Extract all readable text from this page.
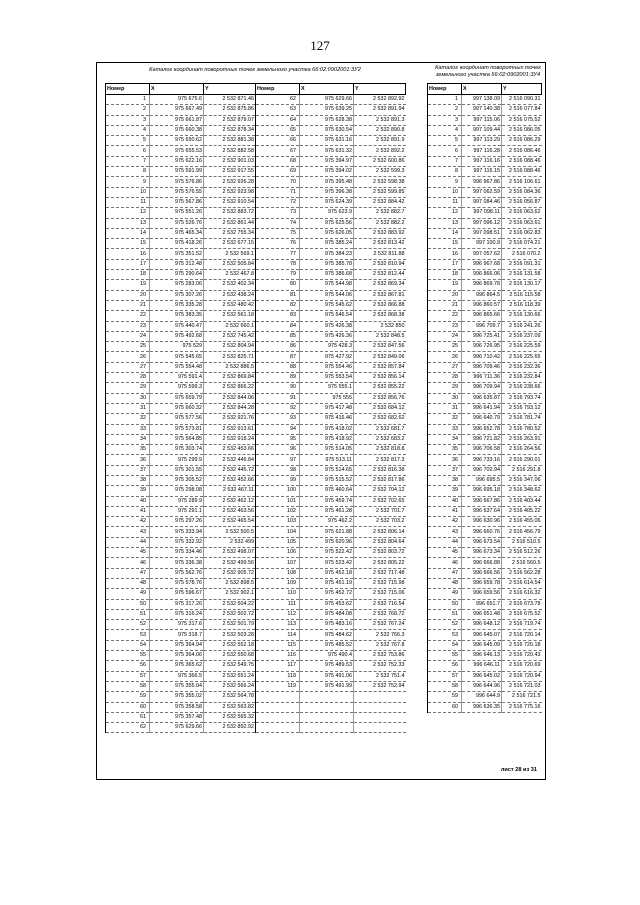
127
Каталог координат поворотных точек земельного участка 66:02:0902001:3У2
Номер	X	Y	Номер	X	Y
1	975 675.6	2 532 871.46	62	975 629.66	2 532 892.92
2	975 667.49	2 532 875.86	63	975 639.25	2 532 891.94
3	975 661.87	2 532 879.07	64	975 628.38	2 532 891.3
4	975 660.38	2 532 878.34	65	975 630.54	2 532 890.8
5	975 650.62	2 532 881.38	66	975 631.16	2 532 891.9
6	975 655.53	2 532 882.58	67	975 631.32	2 532 892.2
7	975 622.16	2 532 901.03	68	975 394.97	2 532 600.86
8	975 591.99	2 532 917.55	69	975 394.02	2 532 599.3
9	975 576.86	2 532 926.28	70	975 395.48	2 532 598.38
10	975 576.55	2 532 923.98	71	975 396.38	2 532 599.85
11	975 567.86	2 532 910.54	72	975 624.39	2 532 884.42
12	975 551.26	2 532 883.72	73	975 623.9	2 532 882.7
13	975 526.76	2 532 861.44	74	975 625.56	2 532 882.2
14	975 465.34	2 532 755.34	75	975 626.05	2 532 883.92
15	975 418.26	2 532 677.15	76	975 385.24	2 532 813.42
16	975 351.52	2 532 569.1	77	975 384.23	2 532 811.88
17	975 312.48	2 532 505.84	78	975 385.78	2 532 810.94
18	975 290.64	2 532 467.8	79	975 386.68	2 532 812.44
19	975 283.06	2 532 402.34	80	975 544.98	2 532 869.34
20	975 307.26	2 532 438.24	81	975 544.06	2 532 867.81
21	975 335.28	2 532 480.42	82	975 545.62	2 532 866.88
22	975 383.35	2 532 561.18	83	975 546.54	2 532 868.38
23	975 440.47	2 532 660.1	84	975 426.38	2 532 850
24	975 492.68	2 532 745.42	85	975 426.36	2 532 848.5
25	975 529	2 532 804.94	86	975 428.3	2 532 847.56
26	975 545.65	2 532 825.71	87	975 427.92	2 532 849.06
27	975 554.48	2 532 886.5	88	975 554.46	2 532 857.84
28	975 591.4	2 532 869.84	89	975 553.54	2 532 856.14
29	975 599.3	2 532 866.22	90	975 555.1	2 532 855.22
30	975 659.79	2 532 844.06	91	975 555	2 532 856.76
31	975 660.32	2 532 844.28	92	975 417.48	2 532 684.12
32	975 577.56	2 532 921.76	93	975 416.46	2 532 682.62
33	975 573.81	2 532 913.61	94	975 418.02	2 532 681.7
34	975 564.85	2 532 918.24	95	975 418.92	2 532 683.2
35	975 303.74	2 532 453.66	96	975 514.05	2 532 818.8
36	975 299.9	2 532 446.84	97	975 513.11	2 532 817.3
37	975 301.55	2 532 445.72	98	975 514.65	2 532 816.38
38	975 305.52	2 532 452.66	99	975 515.52	2 532 817.86
39	975 298.08	2 532 467.11	100	975 460.64	2 532 704.12
40	975 289.9	2 532 462.12	101	975 459.74	2 532 702.65
41	975 291.1	2 532 463.56	102	975 461.28	2 532 701.7
42	975 297.26	2 532 465.54	103	975 462.2	2 532 703.2
43	975 333.94	2 532 500.5	104	975 621.88	2 532 806.14
44	975 332.92	2 532 499	105	975 620.96	2 532 804.64
45	975 334.46	2 532 498.07	106	975 522.42	2 532 803.72
46	975 336.38	2 532 499.56	107	975 523.42	2 532 805.22
47	975 562.76	2 532 905.72	108	975 452.18	2 532 717.48
48	975 578.76	2 532 898.5	109	975 451.19	2 532 715.98
49	975 596.67	2 532 902.1	110	975 452.72	2 532 715.06
50	975 317.26	2 532 504.22	111	975 453.62	2 532 716.54
51	975 316.24	2 532 502.72	112	975 484.08	2 532 768.72
52	975 317.6	2 532 501.79	113	975 483.16	2 532 767.24
53	975 318.7	2 532 503.28	114	975 484.62	2 532 766.3
54	975 364.94	2 532 552.18	115	975 485.52	2 532 767.8
55	975 364.06	2 532 550.68	116	975 490.4	2 532 753.86
56	975 365.62	2 532 549.75	117	975 489.53	2 532 752.33
57	975 366.5	2 532 551.24	118	975 491.06	2 532 751.4
58	975 355.04	2 532 566.24	119	975 491.99	2 532 752.94
59	975 355.02	2 532 564.78			
60	975 358.58	2 532 563.82			
61	975 357.48	2 532 565.32			
62	975 629.66	2 532 892.92			
Каталог координат поворотных точек земельного участка 66:02:0902001:3У4
Номер	X	Y
1	997 138.09	2 516 090.31
2	997 140.38	2 516 077.84
3	997 115.06	2 516 075.52
4	997 109.44	2 516 086.05
5	997 113.29	2 516 086.29
6	997 116.28	2 516 086.46
7	997 116.16	2 516 088.46
8	997 116.15	2 516 088.46
9	996 967.86	2 516 106.61
10	997 062.59	2 516 084.36
11	997 084.46	2 516 056.87
12	997 098.11	2 516 063.62
13	997 096.12	2 516 063.61
14	997 098.51	2 516 062.83
15	997 100.9	2 516 074.21
16	997 057.62	2 516 070.2
17	996 967.68	2 516 091.31
18	996 866.06	2 516 131.58
19	996 869.78	2 516 130.17
20	996 864.5	2 516 115.58
21	996 860.57	2 516 118.39
22	996 865.66	2 516 130.66
23	996 709.7	2 516 241.26
24	996 725.41	2 516 237.09
25	996 726.95	2 516 225.59
26	996 710.42	2 516 225.65
27	996 709.46	2 516 232.36
28	996 711.36	2 516 232.84
29	996 709.94	2 516 238.66
30	996 635.87	2 516 793.74
31	996 641.94	2 516 793.12
32	996 640.79	2 516 781.74
33	996 652.78	2 516 780.52
34	996 721.82	2 516 263.91
35	996 706.58	2 516 264.56
36	996 733.16	2 516 290.01
37	996 702.94	2 516 291.8
38	996 695.5	2 516 347.06
39	996 695.18	2 516 348.62
40	996 667.86	2 516 403.44
41	996 637.64	2 516 405.22
42	996 630.96	2 516 455.06
43	996 660.76	2 516 456.79
44	996 673.54	2 516 510.5
45	996 673.34	2 516 512.26
46	996 666.88	2 516 560.5
47	996 666.56	2 516 562.28
48	996 659.78	2 516 614.54
49	996 659.56	2 516 616.32
50	996 651.7	2 516 673.78
51	996 651.48	2 516 675.52
52	996 648.12	2 516 719.74
53	996 645.07	2 516 720.14
54	996 645.09	2 516 720.18
55	996 646.13	2 516 720.43
56	996 646.11	2 516 720.69
57	996 645.02	2 516 720.94
58	996 644.96	2 516 721.03
59	996 644.9	2 516 721.5
60	996 636.35	2 516 775.16
лист 28 из 31
